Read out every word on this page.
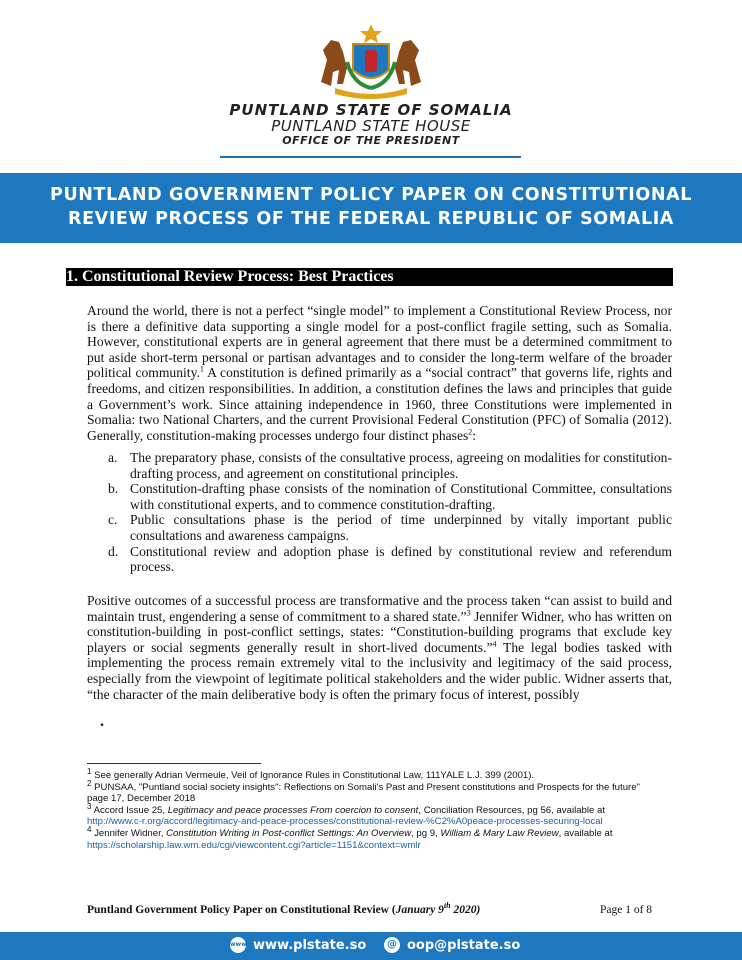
PUNTLAND STATE OF SOMALIA
PUNTLAND STATE HOUSE
OFFICE OF THE PRESIDENT
PUNTLAND GOVERNMENT POLICY PAPER ON CONSTITUTIONAL
REVIEW PROCESS OF THE FEDERAL REPUBLIC OF SOMALIA
1. Constitutional Review Process: Best Practices

Around the world, there is not a perfect “single model” to implement a Constitutional Review Process, nor is there a definitive data supporting a single model for a post-conflict fragile setting, such as Somalia. However, constitutional experts are in general agreement that there must be a determined commitment to put aside short-term personal or partisan advantages and to consider the long-term welfare of the broader political community.$^1$ A constitution is defined primarily as a “social contract” that governs life, rights and freedoms, and citizen responsibilities. In addition, a constitution defines the laws and principles that guide a Government’s work. Since attaining independence in 1960, three Constitutions were implemented in Somalia: two National Charters, and the current Provisional Federal Constitution (PFC) of Somalia (2012). Generally, constitution-making processes undergo four distinct phases$^2$:

a. The preparatory phase, consists of the consultative process, agreeing on modalities for constitution-drafting process, and agreement on constitutional principles.

b. Constitution-drafting phase consists of the nomination of Constitutional Committee, consultations with constitutional experts, and to commence constitution-drafting.

c. Public consultations phase is the period of time underpinned by vitally important public consultations and awareness campaigns.

d. Constitutional review and adoption phase is defined by constitutional review and referendum process.

Positive outcomes of a successful process are transformative and the process taken “can assist to build and maintain trust, engendering a sense of commitment to a shared state.”$^3$ Jennifer Widner, who has written on constitution-building in post-conflict settings, states: “Constitution-building programs that exclude key players or social segments generally result in short-lived documents.”$^4$ The legal bodies tasked with implementing the process remain extremely vital to the inclusivity and legitimacy of the said process, especially from the viewpoint of legitimate political stakeholders and the wider public. Widner asserts that, “the character of the main deliberative body is often the primary focus of interest, possibly

.

$^1$ See generally Adrian Vermeule, Veil of Ignorance Rules in Constitutional Law, 111YALE L.J. 399 (2001).

$^2$ PUNSAA, "Puntland social society insights": Reflections on Somali's Past and Present constitutions and Prospects for the future" page 17, December 2018

$^3$ Accord Issue 25, Legitimacy and peace processes From coercion to consent, Conciliation Resources, pg 56, available at http://www.c-r.org/accord/legitimacy-and-peace-processes/constitutional-review-%C2%A0peace-processes-securing-local

$^4$ Jennifer Widner, Constitution Writing in Post-conflict Settings: An Overview, pg 9, William & Mary Law Review, available at https://scholarship.law.wm.edu/cgi/viewcontent.cgi?article=1151&context=wmlr

Puntland Government Policy Paper on Constitutional Review (January 9th 2020)	Page 1 of 8
www www.plstate.so	@ oop@plstate.so
